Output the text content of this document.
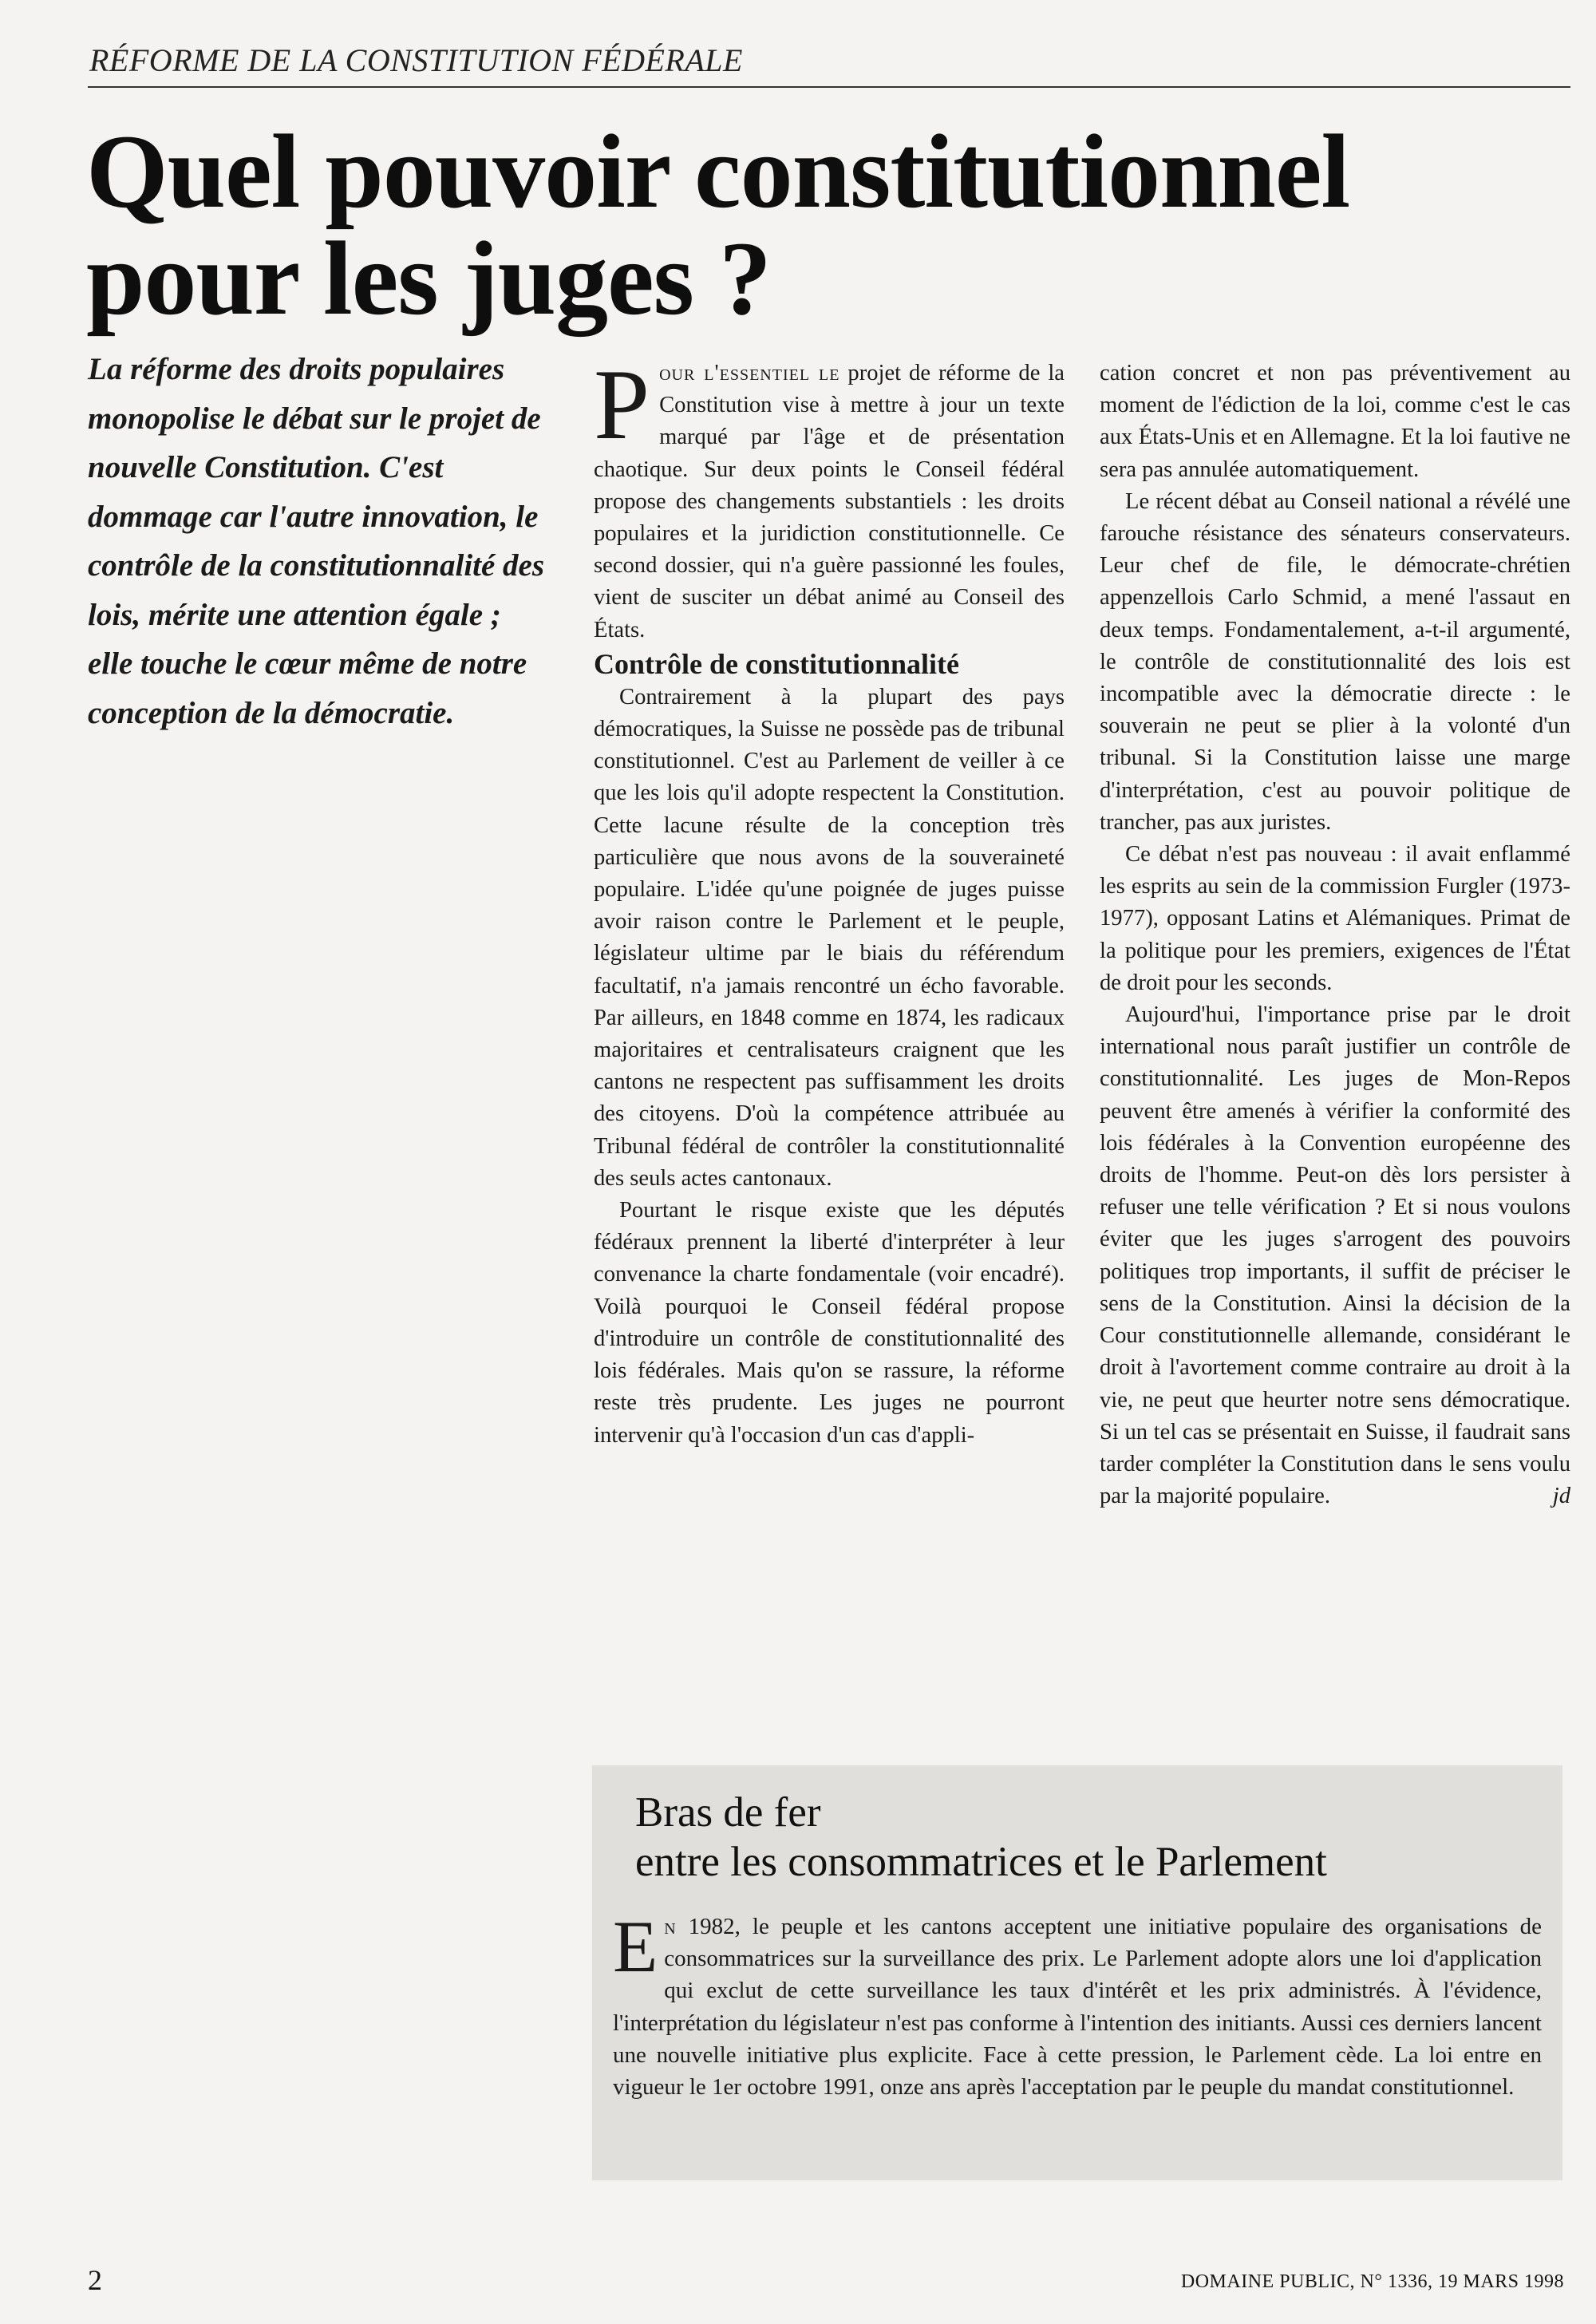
RÉFORME DE LA CONSTITUTION FÉDÉRALE
Quel pouvoir constitutionnel
pour les juges ?
La réforme des droits populaires monopolise le débat sur le projet de nouvelle Constitution. C'est dommage car l'autre innovation, le contrôle de la constitutionnalité des lois, mérite une attention égale ; elle touche le cœur même de notre conception de la démocratie.

Pour l'essentiel le projet de réforme de la Constitution vise à mettre à jour un texte marqué par l'âge et de présentation chaotique. Sur deux points le Conseil fédéral propose des changements substantiels : les droits populaires et la juridiction constitutionnelle. Ce second dossier, qui n'a guère passionné les foules, vient de susciter un débat animé au Conseil des États.

Contrôle de constitutionnalité

Contrairement à la plupart des pays démocratiques, la Suisse ne possède pas de tribunal constitutionnel. C'est au Parlement de veiller à ce que les lois qu'il adopte respectent la Constitution. Cette lacune résulte de la conception très particulière que nous avons de la souveraineté populaire. L'idée qu'une poignée de juges puisse avoir raison contre le Parlement et le peuple, législateur ultime par le biais du référendum facultatif, n'a jamais rencontré un écho favorable. Par ailleurs, en 1848 comme en 1874, les radicaux majoritaires et centralisateurs craignent que les cantons ne respectent pas suffisamment les droits des citoyens. D'où la compétence attribuée au Tribunal fédéral de contrôler la constitutionnalité des seuls actes cantonaux.

Pourtant le risque existe que les députés fédéraux prennent la liberté d'interpréter à leur convenance la charte fondamentale (voir encadré). Voilà pourquoi le Conseil fédéral propose d'introduire un contrôle de constitutionnalité des lois fédérales. Mais qu'on se rassure, la réforme reste très prudente. Les juges ne pourront intervenir qu'à l'occasion d'un cas d'appli-

cation concret et non pas préventivement au moment de l'édiction de la loi, comme c'est le cas aux États-Unis et en Allemagne. Et la loi fautive ne sera pas annulée automatiquement.

Le récent débat au Conseil national a révélé une farouche résistance des sénateurs conservateurs. Leur chef de file, le démocrate-chrétien appenzellois Carlo Schmid, a mené l'assaut en deux temps. Fondamentalement, a-t-il argumenté, le contrôle de constitutionnalité des lois est incompatible avec la démocratie directe : le souverain ne peut se plier à la volonté d'un tribunal. Si la Constitution laisse une marge d'interprétation, c'est au pouvoir politique de trancher, pas aux juristes.

Ce débat n'est pas nouveau : il avait enflammé les esprits au sein de la commission Furgler (1973-1977), opposant Latins et Alémaniques. Primat de la politique pour les premiers, exigences de l'État de droit pour les seconds.

Aujourd'hui, l'importance prise par le droit international nous paraît justifier un contrôle de constitutionnalité. Les juges de Mon-Repos peuvent être amenés à vérifier la conformité des lois fédérales à la Convention européenne des droits de l'homme. Peut-on dès lors persister à refuser une telle vérification ? Et si nous voulons éviter que les juges s'arrogent des pouvoirs politiques trop importants, il suffit de préciser le sens de la Constitution. Ainsi la décision de la Cour constitutionnelle allemande, considérant le droit à l'avortement comme contraire au droit à la vie, ne peut que heurter notre sens démocratique. Si un tel cas se présentait en Suisse, il faudrait sans tarder compléter la Constitution dans le sens voulu par la majorité populaire.	jd

Bras de fer
entre les consommatrices et le Parlement

En 1982, le peuple et les cantons acceptent une initiative populaire des organisations de consommatrices sur la surveillance des prix. Le Parlement adopte alors une loi d'application qui exclut de cette surveillance les taux d'intérêt et les prix administrés. À l'évidence, l'interprétation du législateur n'est pas conforme à l'intention des initiants. Aussi ces derniers lancent une nouvelle initiative plus explicite. Face à cette pression, le Parlement cède. La loi entre en vigueur le 1er octobre 1991, onze ans après l'acceptation par le peuple du mandat constitutionnel.

2	DOMAINE PUBLIC, N° 1336, 19 MARS 1998
